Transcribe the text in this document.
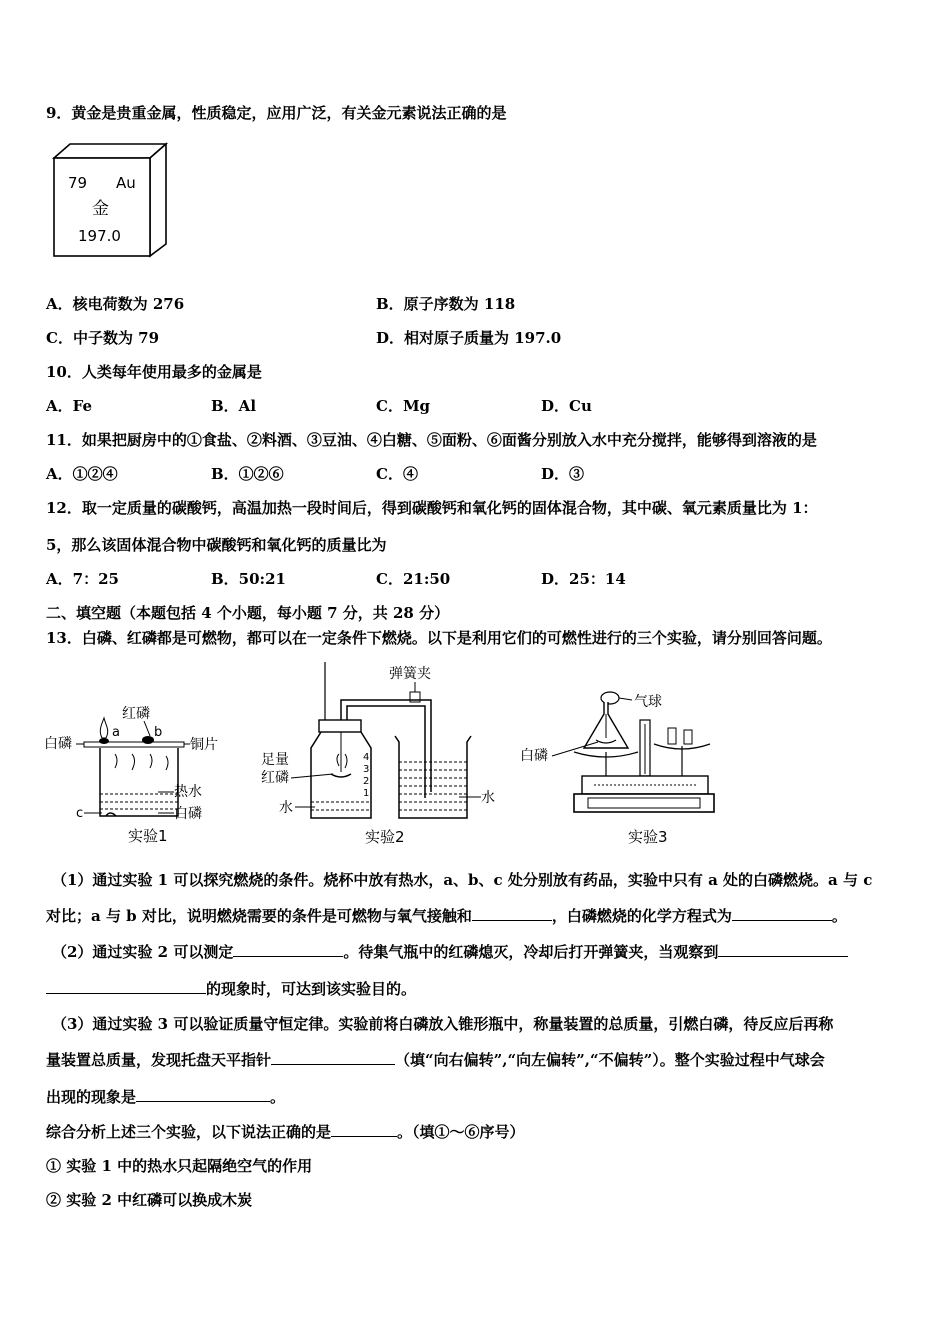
9．黄金是贵重金属，性质稳定，应用广泛，有关金元素说法正确的是
79 Au
金
197.0
A．核电荷数为 276	B．原子序数为 118
C．中子数为 79	D．相对原子质量为 197.0
10．人类每年使用最多的金属是
A．Fe	B．Al	C．Mg	D．Cu
11．如果把厨房中的①食盐、②料酒、③豆油、④白糖、⑤面粉、⑥面酱分别放入水中充分搅拌，能够得到溶液的是
A．①②④	B．①②⑥	C．④	D．③
12．取一定质量的碳酸钙，高温加热一段时间后，得到碳酸钙和氧化钙的固体混合物，其中碳、氧元素质量比为 1：
5，那么该固体混合物中碳酸钙和氧化钙的质量比为
A．7：25	B．50:21	C．21:50	D．25：14
二、填空题（本题包括 4 个小题，每小题 7 分，共 28 分）
13．白磷、红磷都是可燃物，都可以在一定条件下燃烧。以下是利用它们的可燃性进行的三个实验，请分别回答问题。
红磷
白磷
a	b
铜片
热水
c	白磷
实验1
弹簧夹
4
3
2
1
足量
红磷
水
水
实验2
气球
白磷
实验3
（1）通过实验 1 可以探究燃烧的条件。烧杯中放有热水，a、b、c 处分别放有药品，实验中只有 a 处的白磷燃烧。a 与 c
对比；a 与 b 对比，说明燃烧需要的条件是可燃物与氧气接触和	，白磷燃烧的化学方程式为	。
（2）通过实验 2 可以测定	。待集气瓶中的红磷熄灭，冷却后打开弹簧夹，当观察到
的现象时，可达到该实验目的。
（3）通过实验 3 可以验证质量守恒定律。实验前将白磷放入锥形瓶中，称量装置的总质量，引燃白磷，待反应后再称
量装置总质量，发现托盘天平指针	（填“向右偏转”,“向左偏转”,“不偏转”）。整个实验过程中气球会
出现的现象是	。
综合分析上述三个实验，以下说法正确的是	。（填①～⑥序号）
① 实验 1 中的热水只起隔绝空气的作用
② 实验 2 中红磷可以换成木炭
